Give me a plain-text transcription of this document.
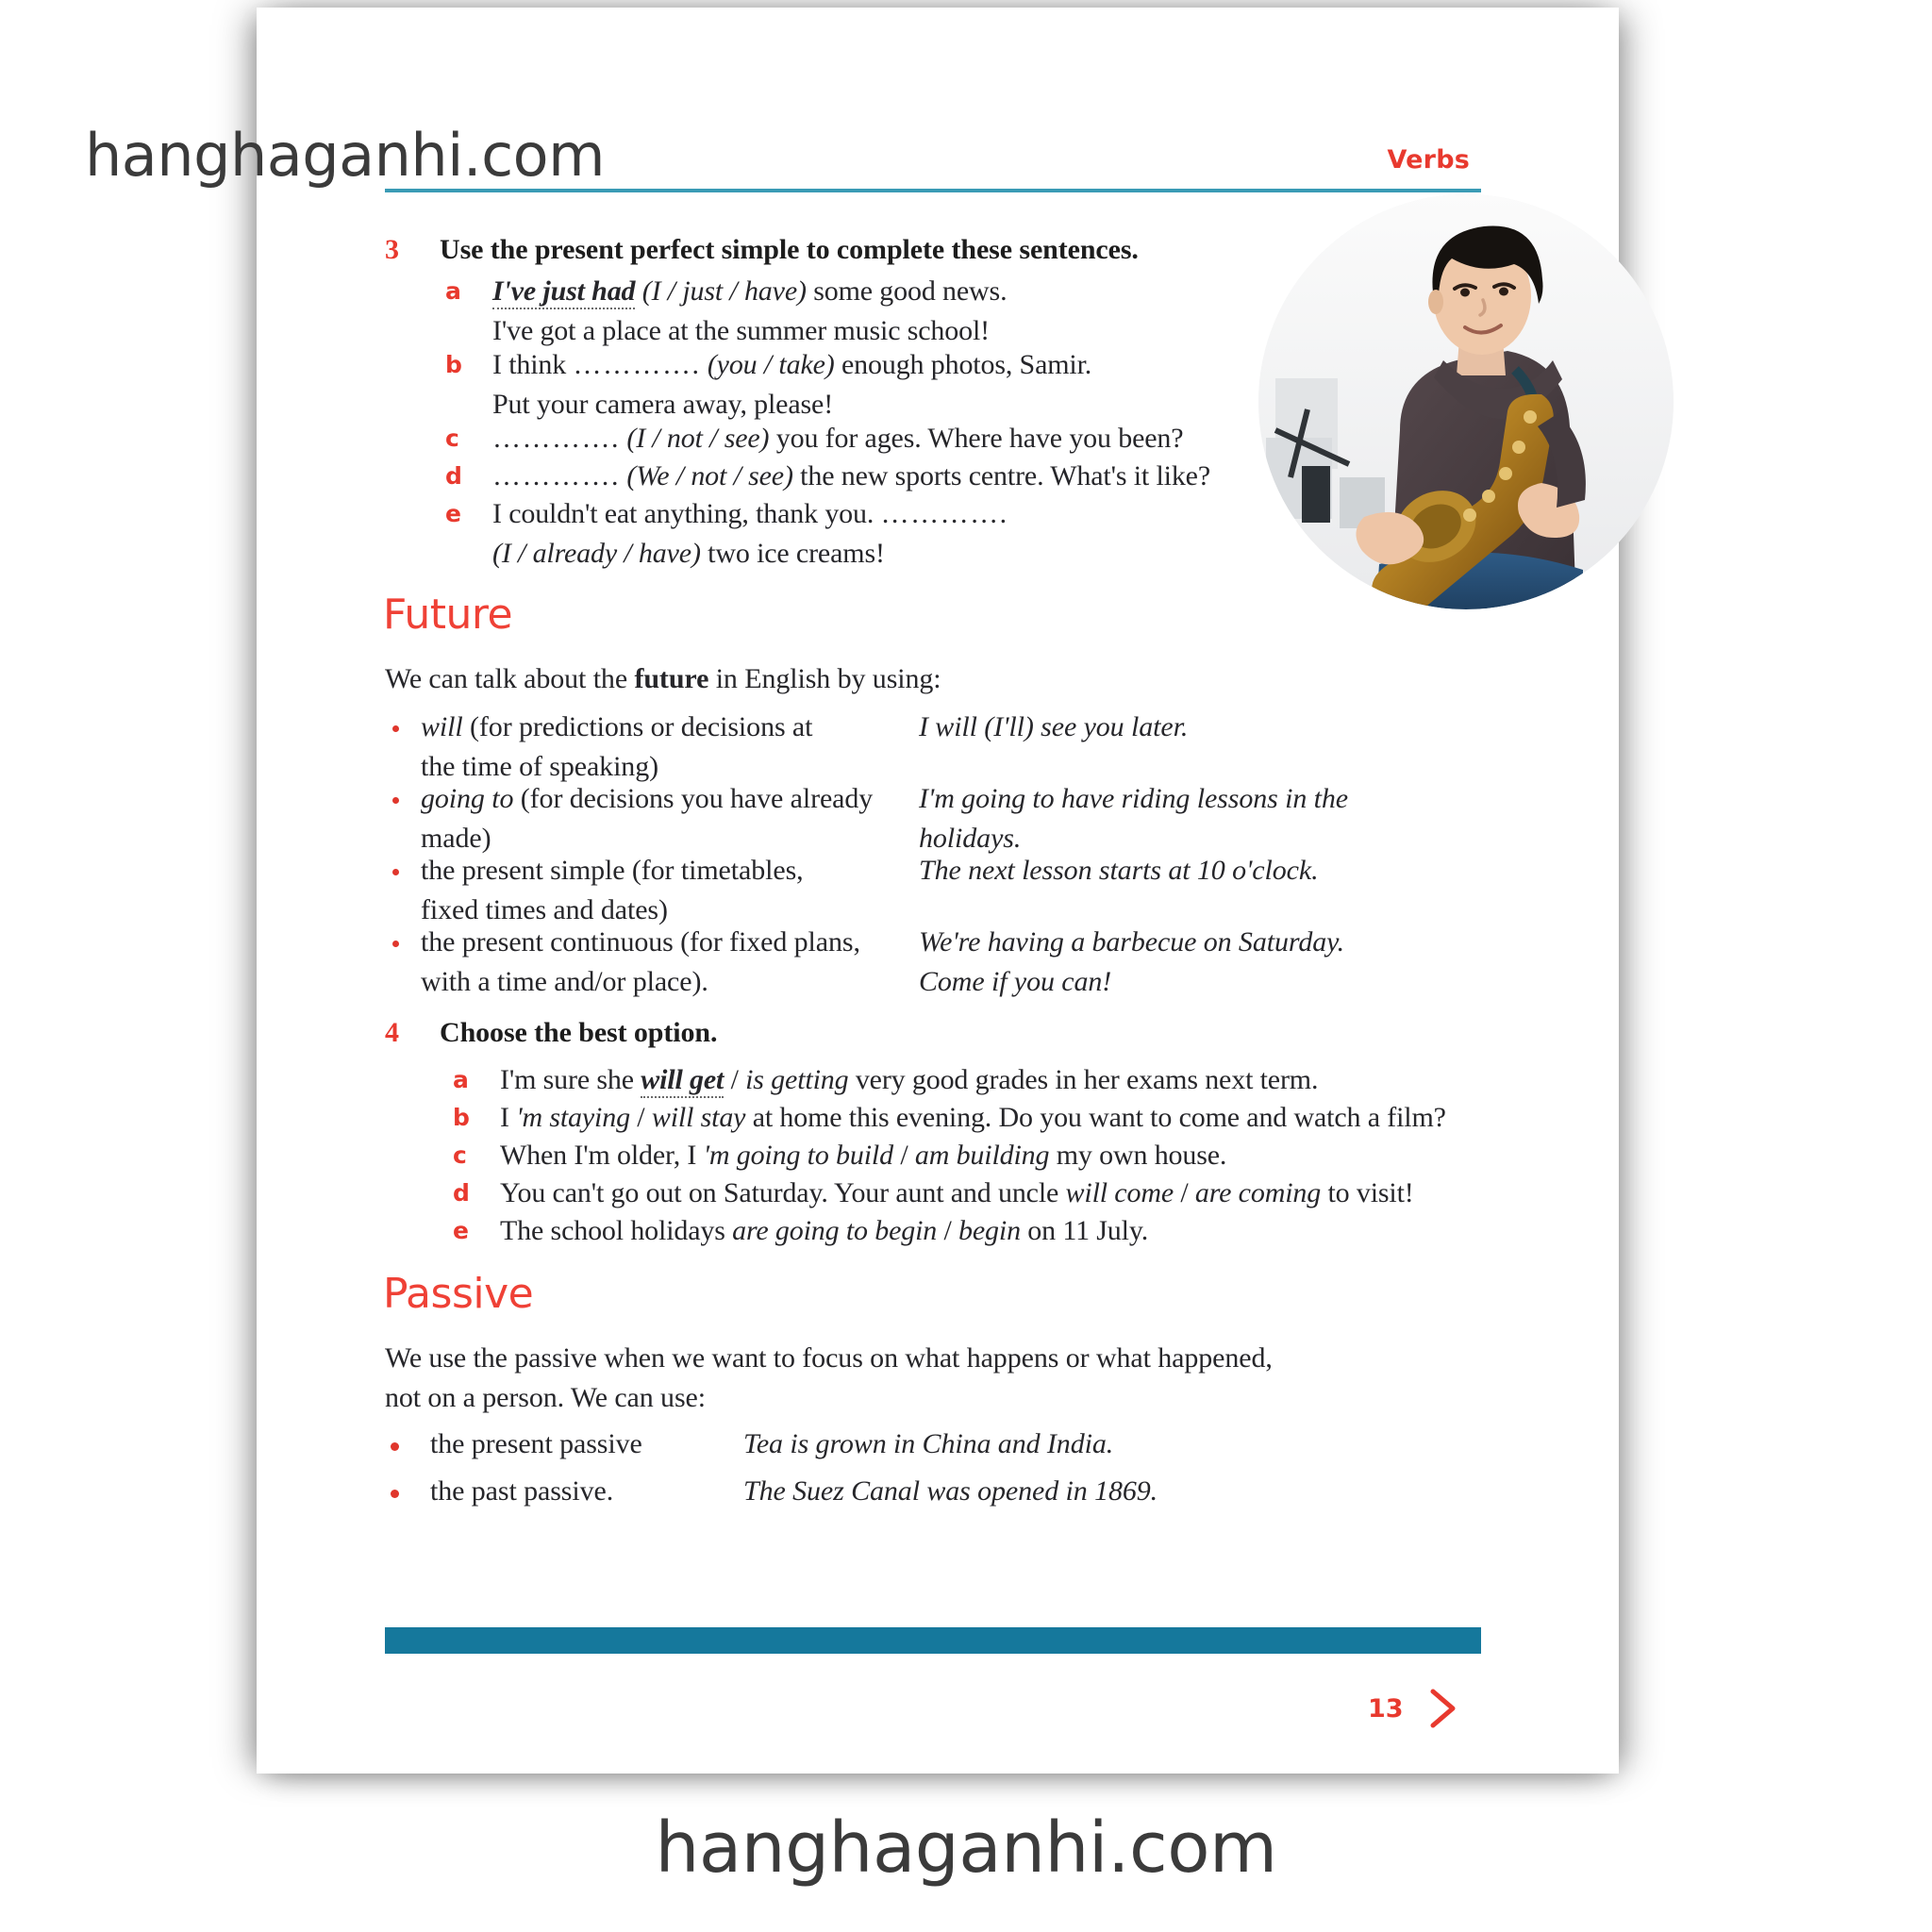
Verbs
3 Use the present perfect simple to complete these sentences.
a I've just had (I / just / have) some good news.
I've got a place at the summer music school!
b I think …………. (you / take) enough photos, Samir.
Put your camera away, please!
c …………. (I / not / see) you for ages. Where have you been?
d …………. (We / not / see) the new sports centre. What's it like?
e I couldn't eat anything, thank you. ………….
(I / already / have) two ice creams!
Future
We can talk about the future in English by using:
will (for predictions or decisions at the time of speaking)
I will (I'll) see you later.
going to (for decisions you have already made)
I'm going to have riding lessons in the holidays.
the present simple (for timetables, fixed times and dates)
The next lesson starts at 10 o'clock.
the present continuous (for fixed plans, with a time and/or place).
We're having a barbecue on Saturday. Come if you can!
4 Choose the best option.
a I'm sure she will get / is getting very good grades in her exams next term.
b I 'm staying / will stay at home this evening. Do you want to come and watch a film?
c When I'm older, I 'm going to build / am building my own house.
d You can't go out on Saturday. Your aunt and uncle will come / are coming to visit!
e The school holidays are going to begin / begin on 11 July.
Passive
We use the passive when we want to focus on what happens or what happened,
not on a person. We can use:
the present passive	Tea is grown in China and India.
the past passive.	The Suez Canal was opened in 1869.
13
hanghaganhi.com
hanghaganhi.com
